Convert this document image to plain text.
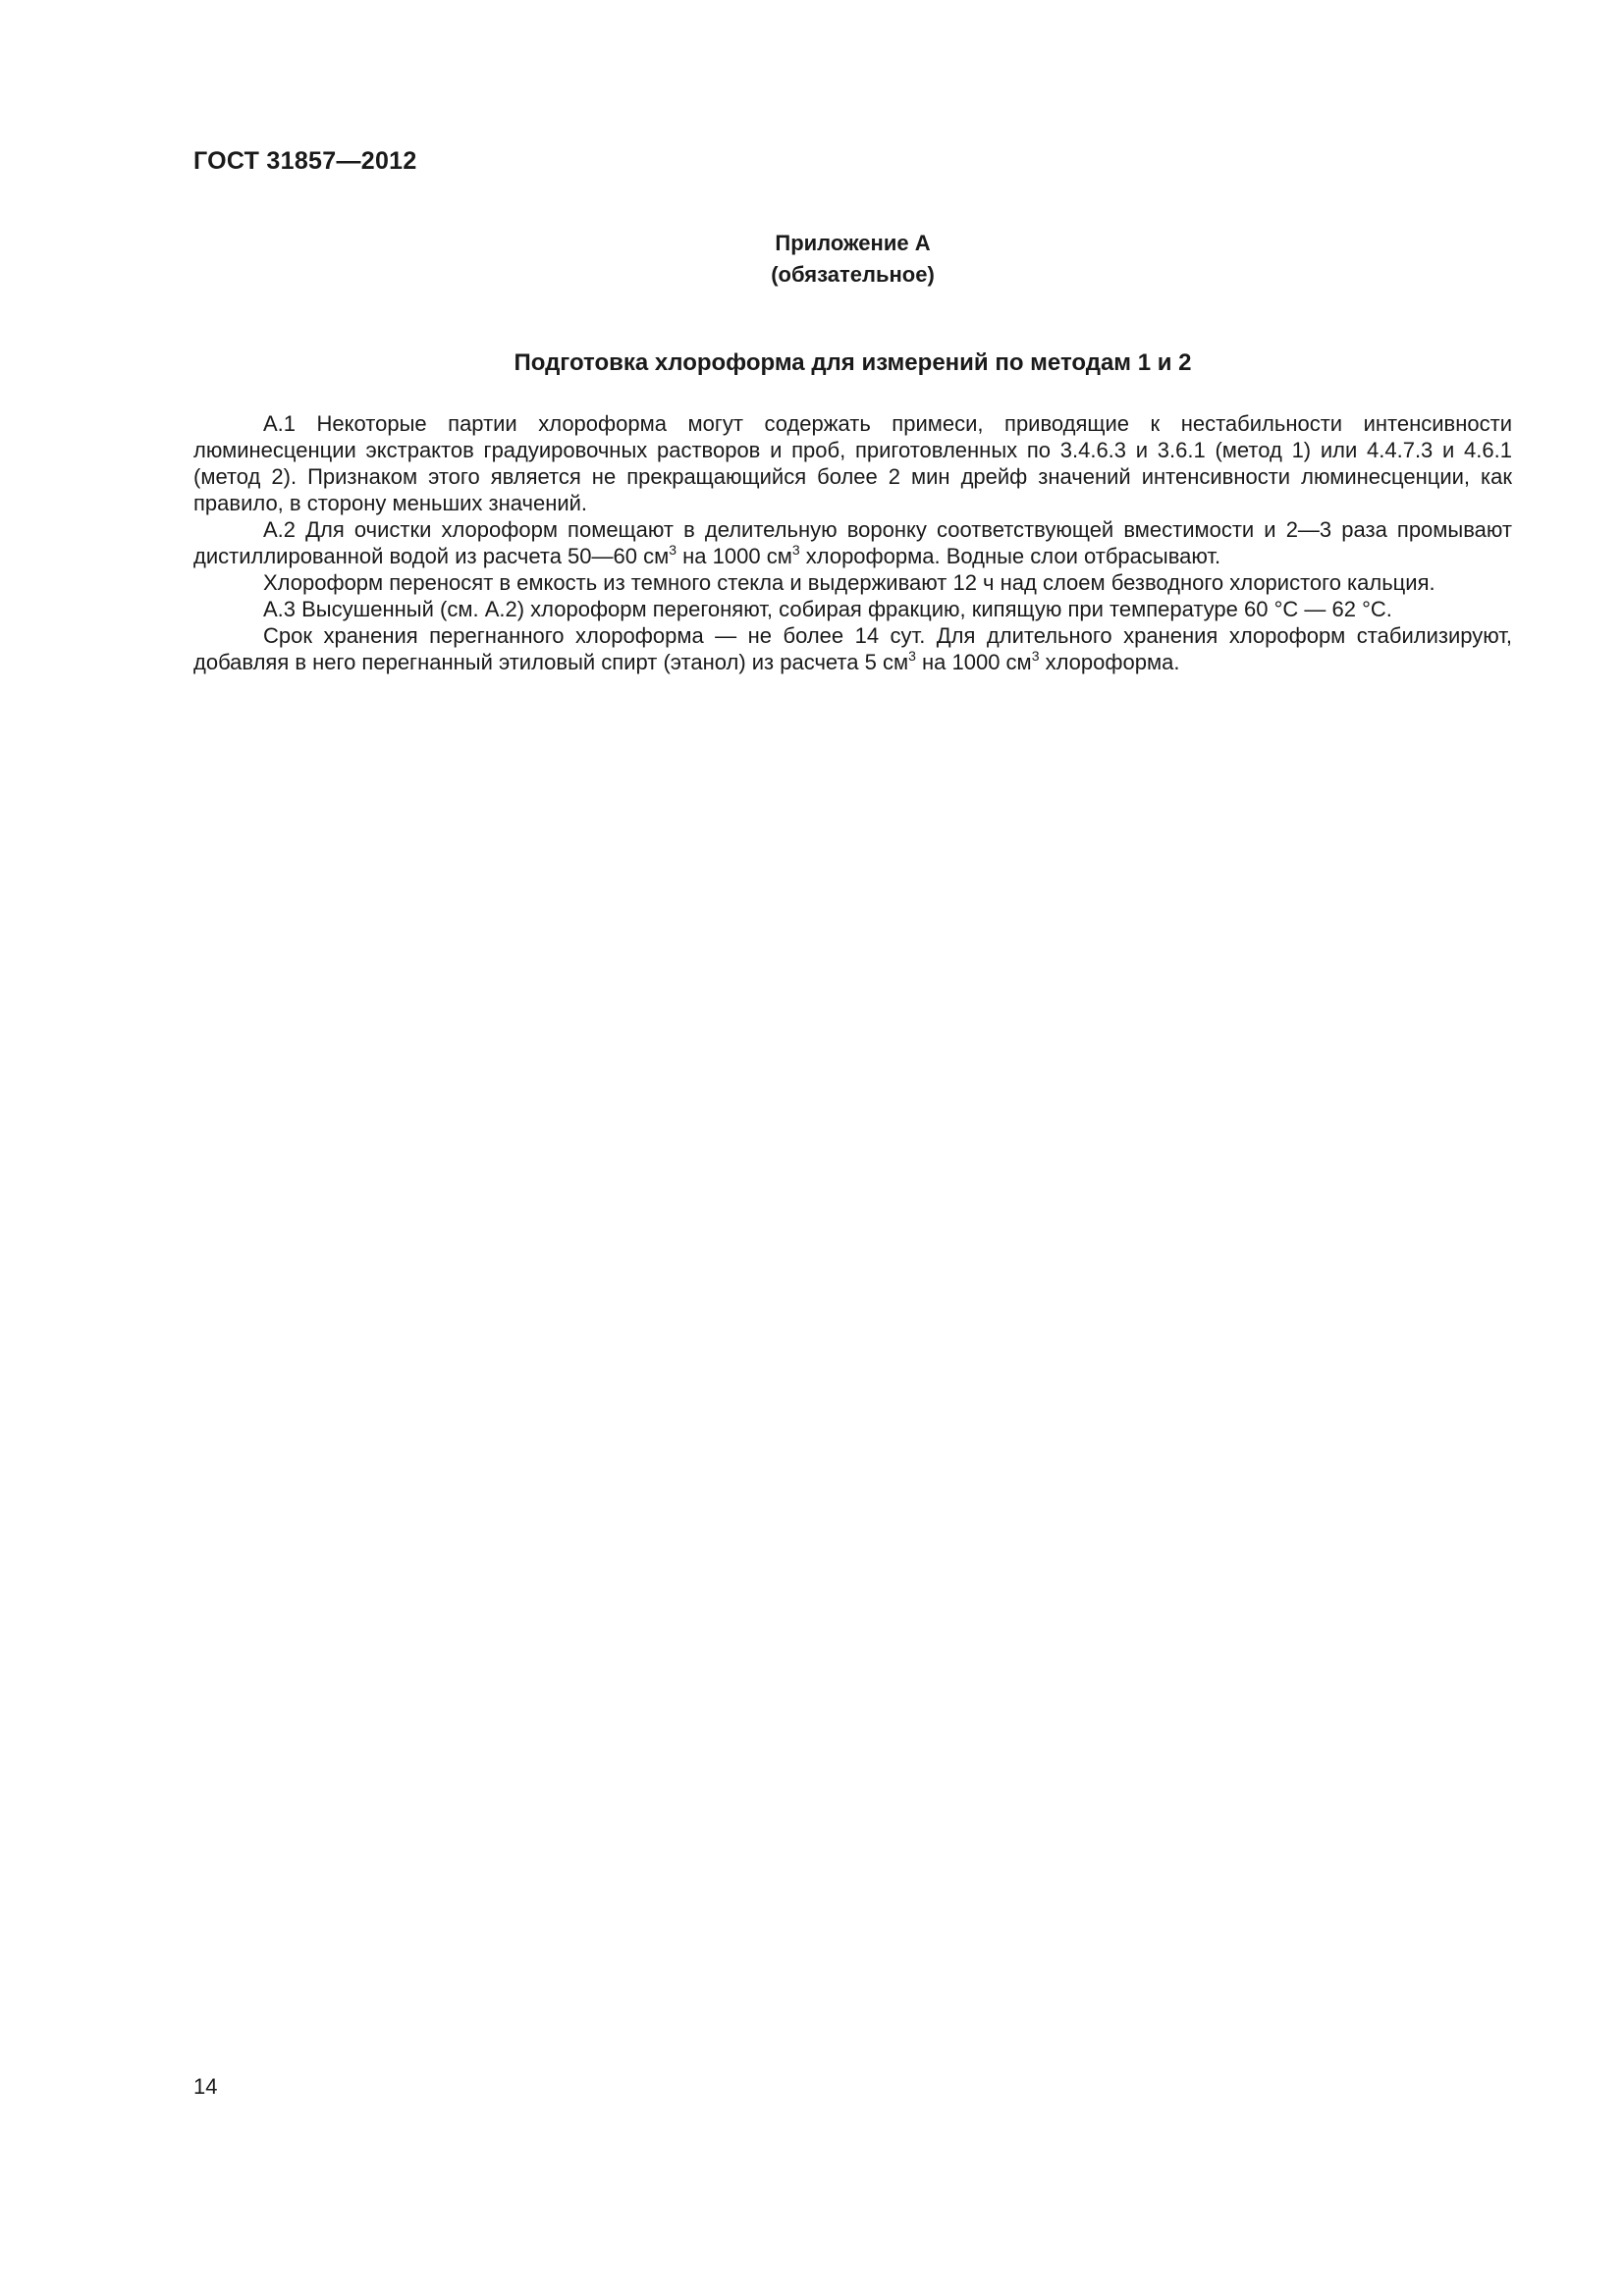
ГОСТ 31857—2012

Приложение А
(обязательное)
Подготовка хлороформа для измерений по методам 1 и 2

А.1 Некоторые партии хлороформа могут содержать примеси, приводящие к нестабильности интенсивности люминесценции экстрактов градуировочных растворов и проб, приготовленных по 3.4.6.3 и 3.6.1 (метод 1) или 4.4.7.3 и 4.6.1 (метод 2). Признаком этого является не прекращающийся более 2 мин дрейф значений интенсивности люминесценции, как правило, в сторону меньших значений.

А.2 Для очистки хлороформ помещают в делительную воронку соответствующей вместимости и 2—3 раза промывают дистиллированной водой из расчета 50—60 $см^3$ на 1000 $см^3$ хлороформа. Водные слои отбрасывают.

Хлороформ переносят в емкость из темного стекла и выдерживают 12 ч над слоем безводного хлористого кальция.

А.3 Высушенный (см. А.2) хлороформ перегоняют, собирая фракцию, кипящую при температуре 60 °C — 62 °C.

Срок хранения перегнанного хлороформа — не более 14 сут. Для длительного хранения хлороформ стабилизируют, добавляя в него перегнанный этиловый спирт (этанол) из расчета 5 $см^3$ на 1000 $см^3$ хлороформа.

14
